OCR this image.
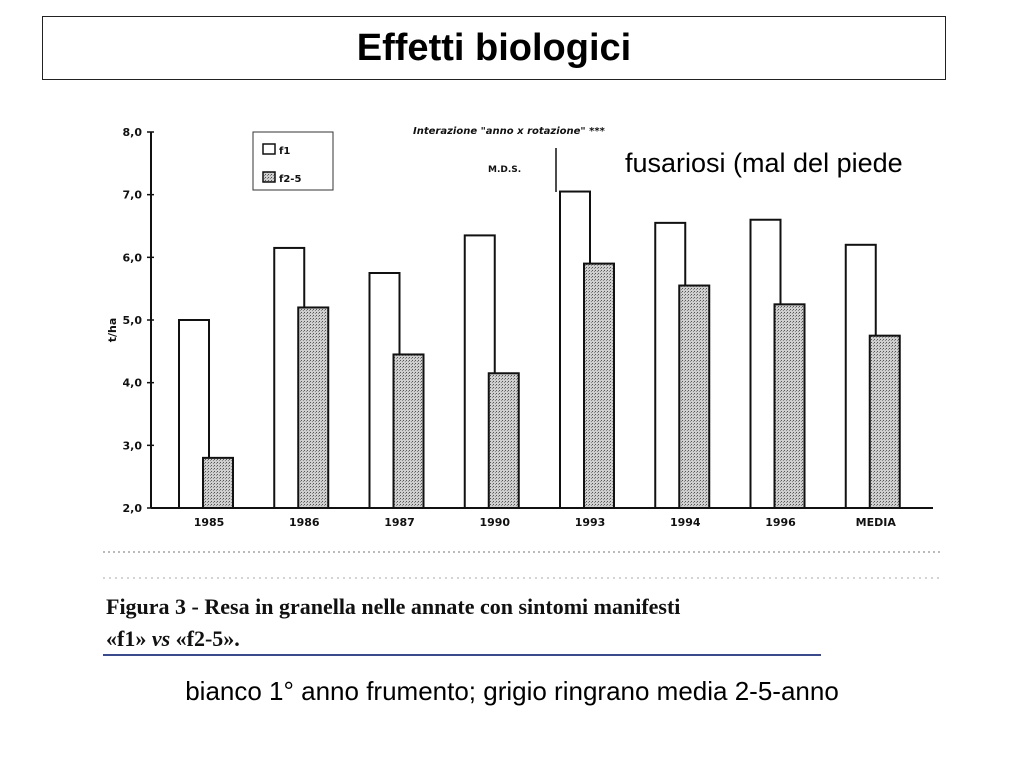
Effetti biologici
2,0
3,0
4,0
5,0
6,0
7,0
8,0
t/ha
1985	1986	1987	1990	1993	1994	1996	MEDIA
f1
f2-5
Interazione "anno x rotazione" ***
M.D.S.	fusariosi (mal del piede
Figura 3 - Resa in granella nelle annate con sintomi manifesti
«f1» vs «f2-5».
bianco 1° anno frumento; grigio ringrano media 2-5-anno
